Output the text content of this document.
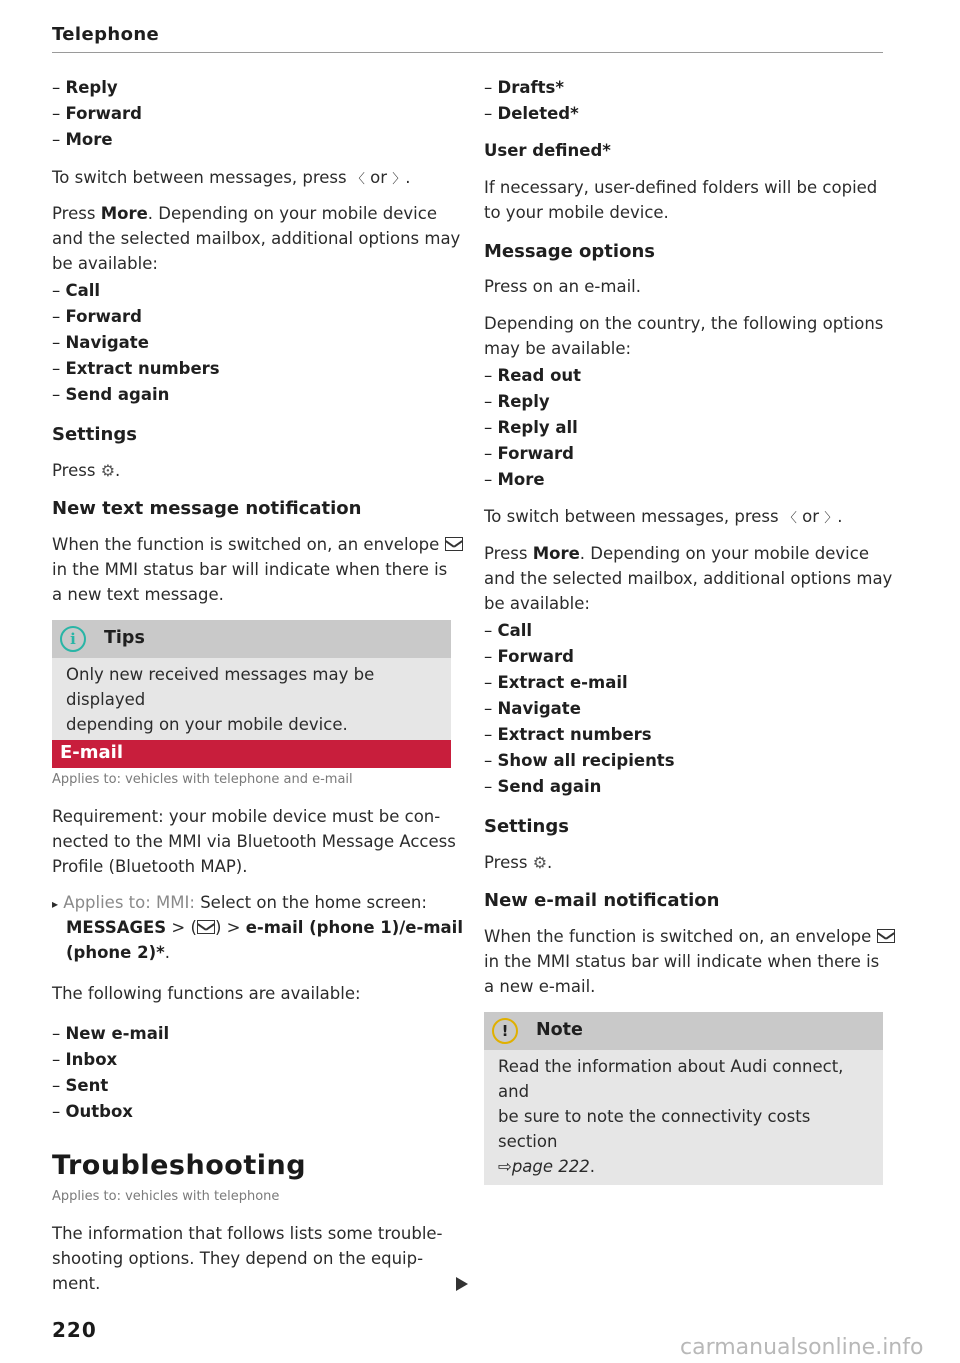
Telephone
– Reply
– Forward
– More
To switch between messages, press 〈 or 〉.
Press More. Depending on your mobile device
and the selected mailbox, additional options may
be available:
– Call
– Forward
– Navigate
– Extract numbers
– Send again
Settings
Press ⚙.
New text message notification
When the function is switched on, an envelope
in the MMI status bar will indicate when there is
a new text message.
i	Tips
Only new received messages may be displayed
depending on your mobile device.
E-mail
Applies to: vehicles with telephone and e-mail
Requirement: your mobile device must be con-
nected to the MMI via Bluetooth Message Access
Profile (Bluetooth MAP).
▸ Applies to: MMI: Select on the home screen:
MESSAGES > ( ) > e-mail (phone 1)/e-mail
(phone 2)*.
The following functions are available:
– New e-mail
– Inbox
– Sent
– Outbox
Troubleshooting
Applies to: vehicles with telephone
The information that follows lists some trouble-
shooting options. They depend on the equip-
ment.
– Drafts*
– Deleted*
User defined*
If necessary, user-defined folders will be copied
to your mobile device.
Message options
Press on an e-mail.
Depending on the country, the following options
may be available:
– Read out
– Reply
– Reply all
– Forward
– More
To switch between messages, press 〈 or 〉.
Press More. Depending on your mobile device
and the selected mailbox, additional options may
be available:
– Call
– Forward
– Extract e-mail
– Navigate
– Extract numbers
– Show all recipients
– Send again
Settings
Press ⚙.
New e-mail notification
When the function is switched on, an envelope
in the MMI status bar will indicate when there is
a new e-mail.
!	Note
Read the information about Audi connect, and
be sure to note the connectivity costs section
⇨page 222.
220
carmanualsonline.info
